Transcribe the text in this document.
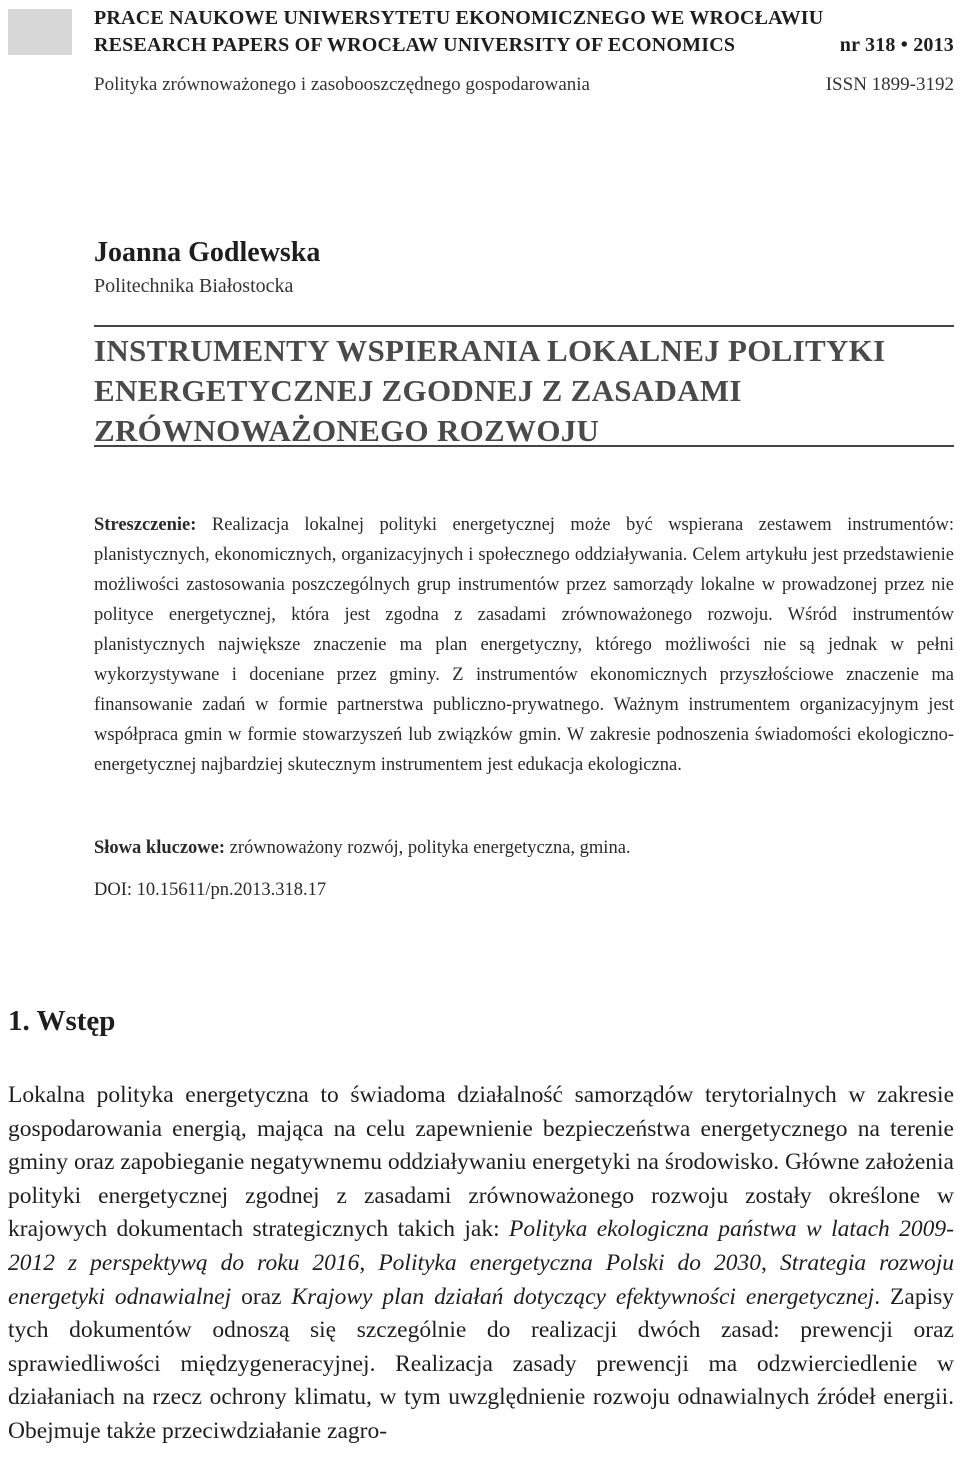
PRACE NAUKOWE UNIWERSYTETU EKONOMICZNEGO WE WROCŁAWIU
RESEARCH PAPERS OF WROCŁAW UNIVERSITY OF ECONOMICS	nr 318 • 2013
Polityka zrównoważonego i zasobooszczędnego gospodarowania	ISSN 1899-3192
Joanna Godlewska
Politechnika Białostocka
INSTRUMENTY WSPIERANIA LOKALNEJ POLITYKI
ENERGETYCZNEJ ZGODNEJ Z ZASADAMI
ZRÓWNOWAŻONEGO ROZWOJU
Streszczenie: Realizacja lokalnej polityki energetycznej może być wspierana zestawem instrumentów: planistycznych, ekonomicznych, organizacyjnych i społecznego oddziaływania. Celem artykułu jest przedstawienie możliwości zastosowania poszczególnych grup instrumentów przez samorządy lokalne w prowadzonej przez nie polityce energetycznej, która jest zgodna z zasadami zrównoważonego rozwoju. Wśród instrumentów planistycznych największe znaczenie ma plan energetyczny, którego możliwości nie są jednak w pełni wykorzystywane i doceniane przez gminy. Z instrumentów ekonomicznych przyszłościowe znaczenie ma finansowanie zadań w formie partnerstwa publiczno-prywatnego. Ważnym instrumentem organizacyjnym jest współpraca gmin w formie stowarzyszeń lub związków gmin. W zakresie podnoszenia świadomości ekologiczno-energetycznej najbardziej skutecznym instrumentem jest edukacja ekologiczna.
Słowa kluczowe: zrównoważony rozwój, polityka energetyczna, gmina.
DOI: 10.15611/pn.2013.318.17
1. Wstęp
Lokalna polityka energetyczna to świadoma działalność samorządów terytorialnych w zakresie gospodarowania energią, mająca na celu zapewnienie bezpieczeństwa energetycznego na terenie gminy oraz zapobieganie negatywnemu oddziaływaniu energetyki na środowisko. Główne założenia polityki energetycznej zgodnej z zasadami zrównoważonego rozwoju zostały określone w krajowych dokumentach strategicznych takich jak: Polityka ekologiczna państwa w latach 2009-2012 z perspektywą do roku 2016, Polityka energetyczna Polski do 2030, Strategia rozwoju energetyki odnawialnej oraz Krajowy plan działań dotyczący efektywności energetycznej. Zapisy tych dokumentów odnoszą się szczególnie do realizacji dwóch zasad: prewencji oraz sprawiedliwości międzygeneracyjnej. Realizacja zasady prewencji ma odzwierciedlenie w działaniach na rzecz ochrony klimatu, w tym uwzględnienie rozwoju odnawialnych źródeł energii. Obejmuje także przeciwdziałanie zagro-
